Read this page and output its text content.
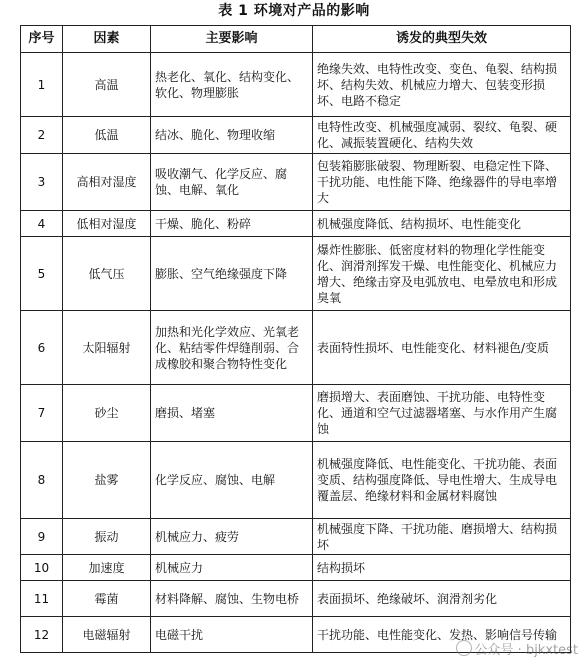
表 1 环境对产品的影响
序号	因素	主要影响	诱发的典型失效
1	高温	热老化、氧化、结构变化、软化、物理膨胀	绝缘失效、电特性改变、变色、龟裂、结构损坏、结构失效、机械应力增大、包装变形损坏、电路不稳定
2	低温	结冰、脆化、物理收缩	电特性改变、机械强度减弱、裂纹、龟裂、硬化、减振装置硬化、结构失效
3	高相对湿度	吸收潮气、化学反应、腐蚀、电解、氧化	包装箱膨胀破裂、物理断裂、电稳定性下降、干扰功能、电性能下降、绝缘器件的导电率增大
4	低相对湿度	干燥、脆化、粉碎	机械强度降低、结构损坏、电性能变化
5	低气压	膨胀、空气绝缘强度下降	爆炸性膨胀、低密度材料的物理化学性能变化、润滑剂挥发干燥、电性能变化、机械应力增大、绝缘击穿及电弧放电、电晕放电和形成臭氧
6	太阳辐射	加热和光化学效应、光氧老化、粘结零件焊缝削弱、合成橡胶和聚合物特性变化	表面特性损坏、电性能变化、材料褪色/变质
7	砂尘	磨损、堵塞	磨损增大、表面磨蚀、干扰功能、电特性变化、通道和空气过滤器堵塞、与水作用产生腐蚀
8	盐雾	化学反应、腐蚀、电解	机械强度降低、电性能变化、干扰功能、表面变质、结构强度降低、导电性增大、生成导电覆盖层、绝缘材料和金属材料腐蚀
9	振动	机械应力、疲劳	机械强度下降、干扰功能、磨损增大、结构损坏
10	加速度	机械应力	结构损坏
11	霉菌	材料降解、腐蚀、生物电桥	表面损坏、绝缘破坏、润滑剂劣化
12	电磁辐射	电磁干扰	干扰功能、电性能变化、发热、影响信号传输
公众号 · bjkxtest
